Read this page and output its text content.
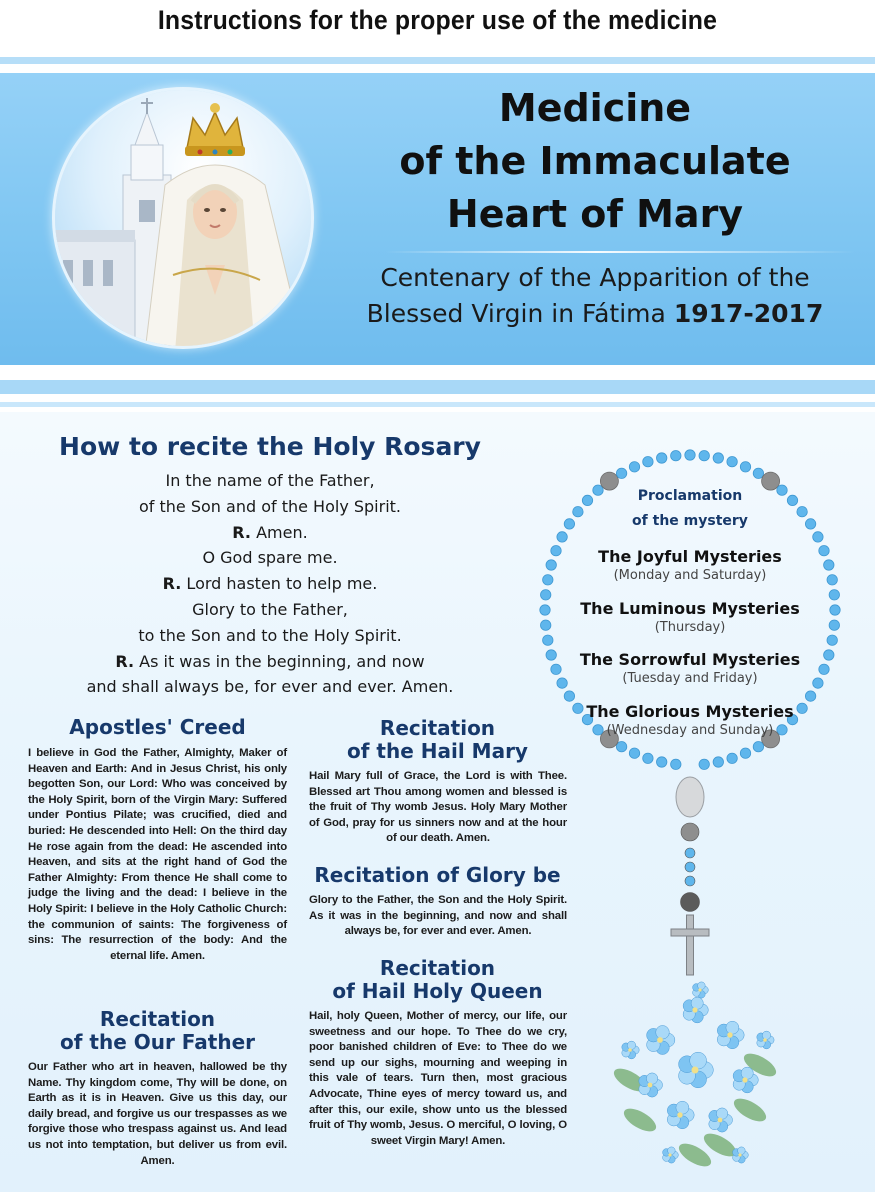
Instructions for the proper use of the medicine
Medicine
of the Immaculate
Heart of Mary
Centenary of the Apparition of the
Blessed Virgin in Fátima 1917-2017
How to recite the Holy Rosary
In the name of the Father,
of the Son and of the Holy Spirit.
R. Amen.
O God spare me.
R. Lord hasten to help me.
Glory to the Father,
to the Son and to the Holy Spirit.
R. As it was in the beginning, and now
and shall always be, for ever and ever. Amen.
Apostles' Creed
I believe in God the Father, Almighty, Maker of Heaven and Earth: And in Jesus Christ, his only begotten Son, our Lord: Who was conceived by the Holy Spirit, born of the Virgin Mary: Suffered under Pontius Pilate; was crucified, died and buried: He descended into Hell: On the third day He rose again from the dead: He ascended into Heaven, and sits at the right hand of God the Father Almighty: From thence He shall come to judge the living and the dead: I believe in the Holy Spirit: I believe in the Holy Catholic Church: the communion of saints: The forgiveness of sins: The resurrection of the body: And the eternal life. Amen.
Recitation
of the Our Father
Our Father who art in heaven, hallowed be thy Name. Thy kingdom come, Thy will be done, on Earth as it is in Heaven. Give us this day, our daily bread, and forgive us our trespasses as we forgive those who trespass against us. And lead us not into temptation, but deliver us from evil. Amen.
Recitation
of the Hail Mary
Hail Mary full of Grace, the Lord is with Thee. Blessed art Thou among women and blessed is the fruit of Thy womb Jesus. Holy Mary Mother of God, pray for us sinners now and at the hour of our death. Amen.
Recitation of Glory be
Glory to the Father, the Son and the Holy Spirit. As it was in the beginning, and now and shall always be, for ever and ever. Amen.
Recitation
of Hail Holy Queen
Hail, holy Queen, Mother of mercy, our life, our sweetness and our hope. To Thee do we cry, poor banished children of Eve: to Thee do we send up our sighs, mourning and weeping in this vale of tears. Turn then, most gracious Advocate, Thine eyes of mercy toward us, and after this, our exile, show unto us the blessed fruit of Thy womb, Jesus. O merciful, O loving, O sweet Virgin Mary! Amen.
Proclamation
of the mystery
The Joyful Mysteries
(Monday and Saturday)
The Luminous Mysteries
(Thursday)
The Sorrowful Mysteries
(Tuesday and Friday)
The Glorious Mysteries
(Wednesday and Sunday)
